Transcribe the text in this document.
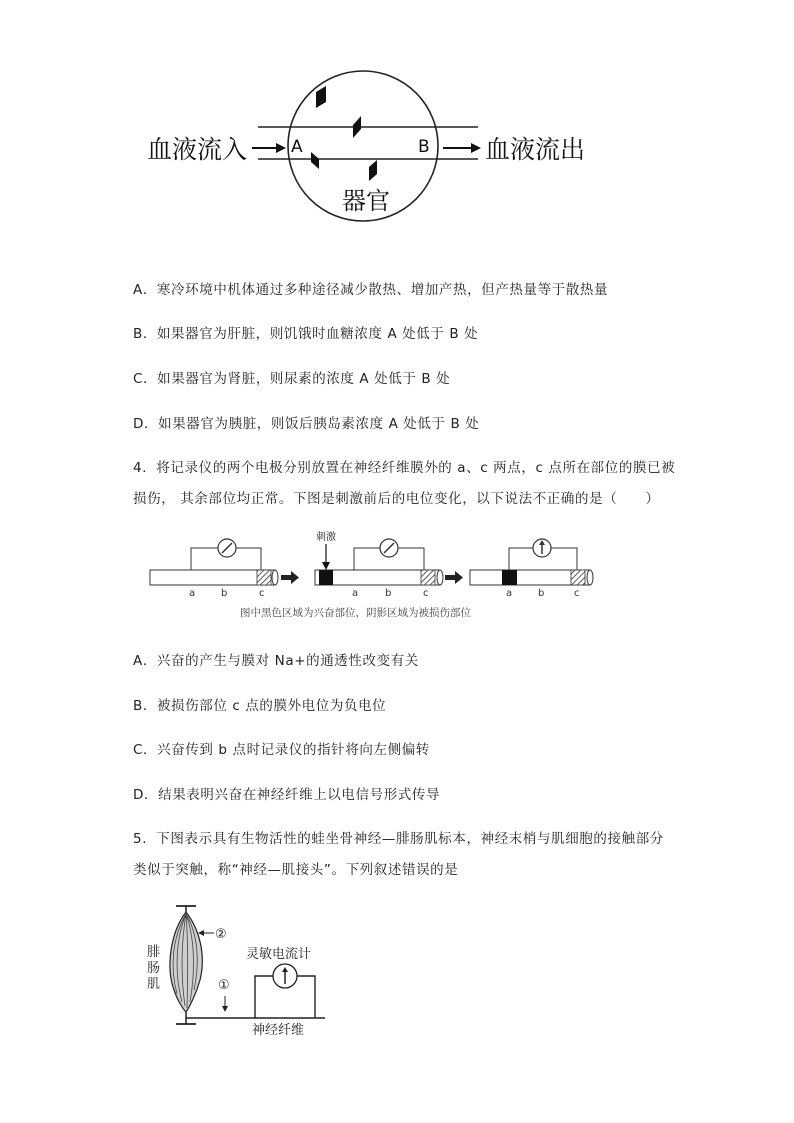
血液流入	A	B 血液流出
器官
A．寒冷环境中机体通过多种途径减少散热、增加产热，但产热量等于散热量
B．如果器官为肝脏，则饥饿时血糖浓度 A 处低于 B 处
C．如果器官为肾脏，则尿素的浓度 A 处低于 B 处
D．如果器官为胰脏，则饭后胰岛素浓度 A 处低于 B 处
4．将记录仪的两个电极分别放置在神经纤维膜外的 a、c 两点，c 点所在部位的膜已被
损伤， 其余部位均正常。下图是刺激前后的电位变化，以下说法不正确的是（　　）
a	b	c
刺激
a	b	c	a	b	c
图中黑色区域为兴奋部位，阴影区域为被损伤部位
A．兴奋的产生与膜对 Na+的通透性改变有关
B．被损伤部位 c 点的膜外电位为负电位
C．兴奋传到 b 点时记录仪的指针将向左侧偏转
D．结果表明兴奋在神经纤维上以电信号形式传导
5．下图表示具有生物活性的蛙坐骨神经—腓肠肌标本，神经末梢与肌细胞的接触部分
类似于突触，称“神经—肌接头”。下列叙述错误的是
②
腓
肠
肌	①
灵敏电流计
神经纤维
